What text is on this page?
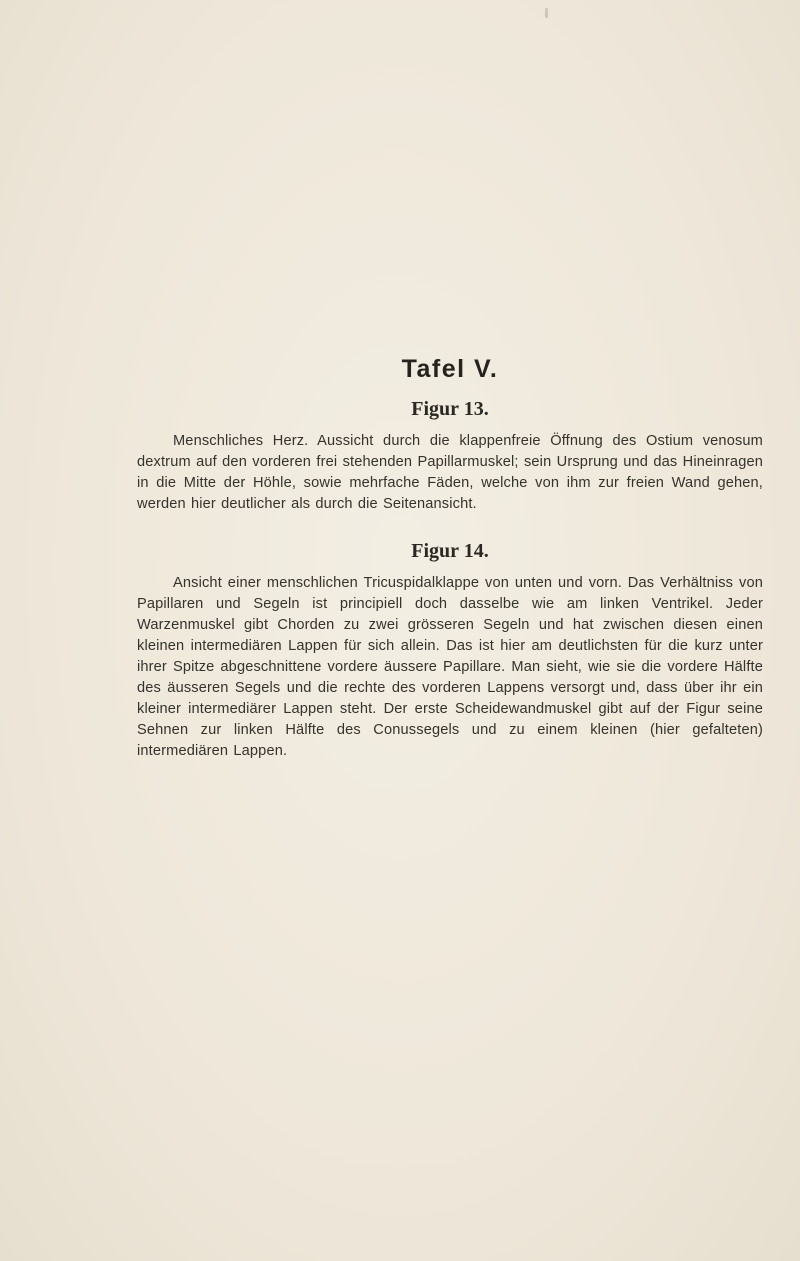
Tafel V.
Figur 13.

Menschliches Herz. Aussicht durch die klappenfreie Öffnung des Ostium venosum dextrum auf den vorderen frei stehenden Papillarmuskel; sein Ursprung und das Hineinragen in die Mitte der Höhle, sowie mehrfache Fäden, welche von ihm zur freien Wand gehen, werden hier deutlicher als durch die Seitenansicht.

Figur 14.

Ansicht einer menschlichen Tricuspidalklappe von unten und vorn. Das Verhältniss von Papillaren und Segeln ist principiell doch dasselbe wie am linken Ventrikel. Jeder Warzenmuskel gibt Chorden zu zwei grösseren Segeln und hat zwischen diesen einen kleinen intermediären Lappen für sich allein. Das ist hier am deutlichsten für die kurz unter ihrer Spitze abgeschnittene vordere äussere Papillare. Man sieht, wie sie die vordere Hälfte des äusseren Segels und die rechte des vorderen Lappens versorgt und, dass über ihr ein kleiner intermediärer Lappen steht. Der erste Scheidewandmuskel gibt auf der Figur seine Sehnen zur linken Hälfte des Conussegels und zu einem kleinen (hier gefalteten) intermediären Lappen.
